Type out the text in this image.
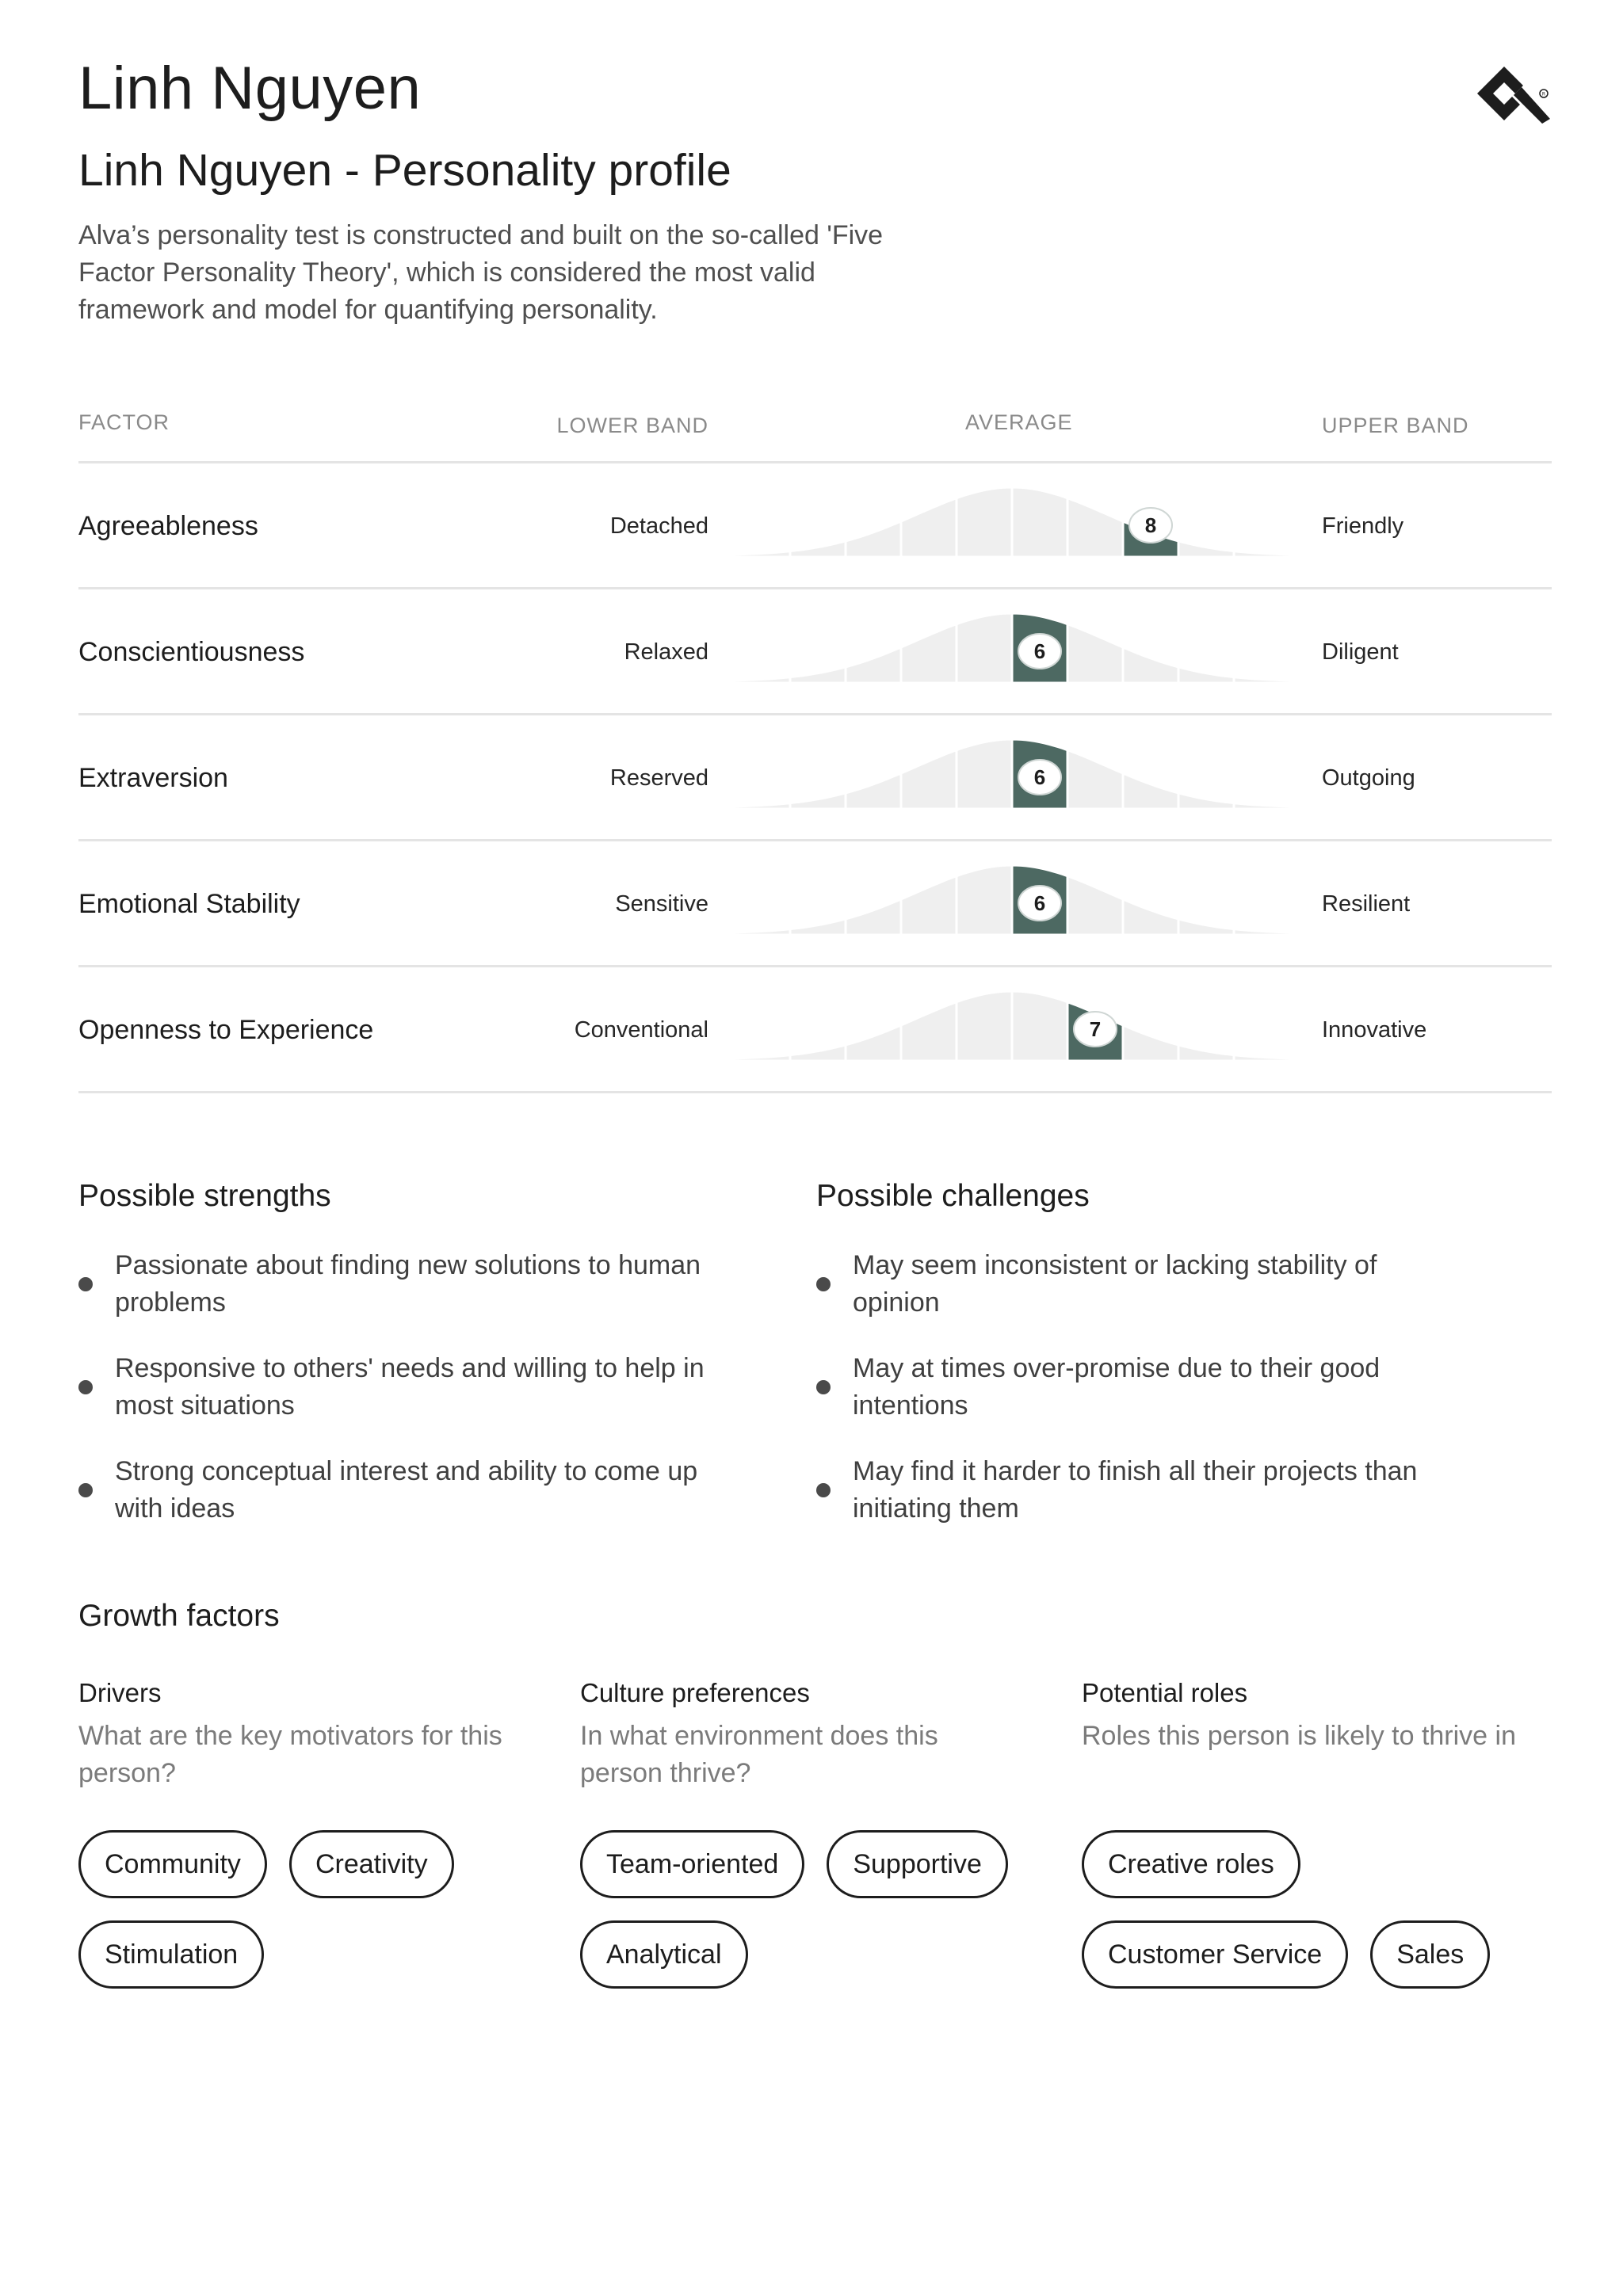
Linh Nguyen	R
Linh Nguyen - Personality profile
Alva’s personality test is constructed and built on the so-called 'Five Factor Personality Theory', which is considered the most valid framework and model for quantifying personality.
FACTOR	LOWER BAND	AVERAGE	UPPER BAND
Agreeableness	Detached	8	Friendly
Conscientiousness	Relaxed	6	Diligent
Extraversion	Reserved	6	Outgoing
Emotional Stability	Sensitive	6	Resilient
Openness to Experience	Conventional	7	Innovative
Possible strengths
Passionate about finding new solutions to human problems
Responsive to others' needs and willing to help in most situations
Strong conceptual interest and ability to come up with ideas
Possible challenges
May seem inconsistent or lacking stability of opinion
May at times over-promise due to their good intentions
May find it harder to finish all their projects than initiating them
Growth factors
Drivers
What are the key motivators for this person?
Community	Creativity
Stimulation
Culture preferences
In what environment does this person thrive?
Team-oriented	Supportive
Analytical
Potential roles
Roles this person is likely to thrive in
Creative roles
Customer Service	Sales
